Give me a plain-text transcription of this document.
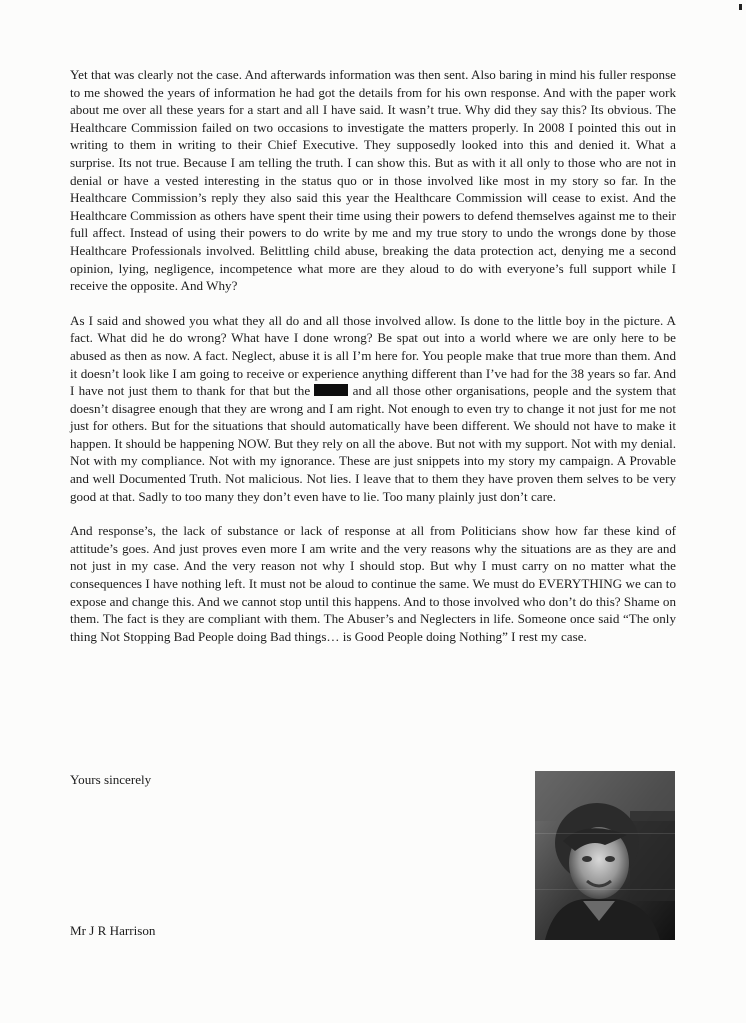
Yet that was clearly not the case. And afterwards information was then sent. Also baring in mind his fuller response to me showed the years of information he had got the details from for his own response. And with the paper work about me over all these years for a start and all I have said. It wasn’t true. Why did they say this? Its obvious. The Healthcare Commission failed on two occasions to investigate the matters properly. In 2008 I pointed this out in writing to them in writing to their Chief Executive. They supposedly looked into this and denied it. What a surprise. Its not true. Because I am telling the truth. I can show this. But as with it all only to those who are not in denial or have a vested interesting in the status quo or in those involved like most in my story so far. In the Healthcare Commission’s reply they also said this year the Healthcare Commission will cease to exist. And the Healthcare Commission as others have spent their time using their powers to defend themselves against me to their full affect. Instead of using their powers to do write by me and my true story to undo the wrongs done by those Healthcare Professionals involved. Belittling child abuse, breaking the data protection act, denying me a second opinion, lying, negligence, incompetence what more are they aloud to do with everyone’s full support while I receive the opposite. And Why?

As I said and showed you what they all do and all those involved allow. Is done to the little boy in the picture. A fact. What did he do wrong? What have I done wrong? Be spat out into a world where we are only here to be abused as then as now. A fact. Neglect, abuse it is all I’m here for. You people make that true more than them. And it doesn’t look like I am going to receive or experience anything different than I’ve had for the 38 years so far. And I have not just them to thank for that but the	and all those other organisations, people and the system that doesn’t disagree enough that they are wrong and I am right. Not enough to even try to change it not just for me not just for others. But for the situations that should automatically have been different. We should not have to make it happen. It should be happening NOW. But they rely on all the above. But not with my support. Not with my denial. Not with my compliance. Not with my ignorance. These are just snippets into my story my campaign. A Provable and well Documented Truth. Not malicious. Not lies. I leave that to them they have proven them selves to be very good at that. Sadly to too many they don’t even have to lie. Too many plainly just don’t care.

And response’s, the lack of substance or lack of response at all from Politicians show how far these kind of attitude’s goes. And just proves even more I am write and the very reasons why the situations are as they are and not just in my case. And the very reason not why I should stop. But why I must carry on no matter what the consequences I have nothing left. It must not be aloud to continue the same. We must do EVERYTHING we can to expose and change this. And we cannot stop until this happens. And to those involved who don’t do this? Shame on them. The fact is they are compliant with them. The Abuser’s and Neglecters in life. Someone once said “The only thing Not Stopping Bad People doing Bad things… is Good People doing Nothing” I rest my case.

Yours sincerely
Mr J R Harrison
